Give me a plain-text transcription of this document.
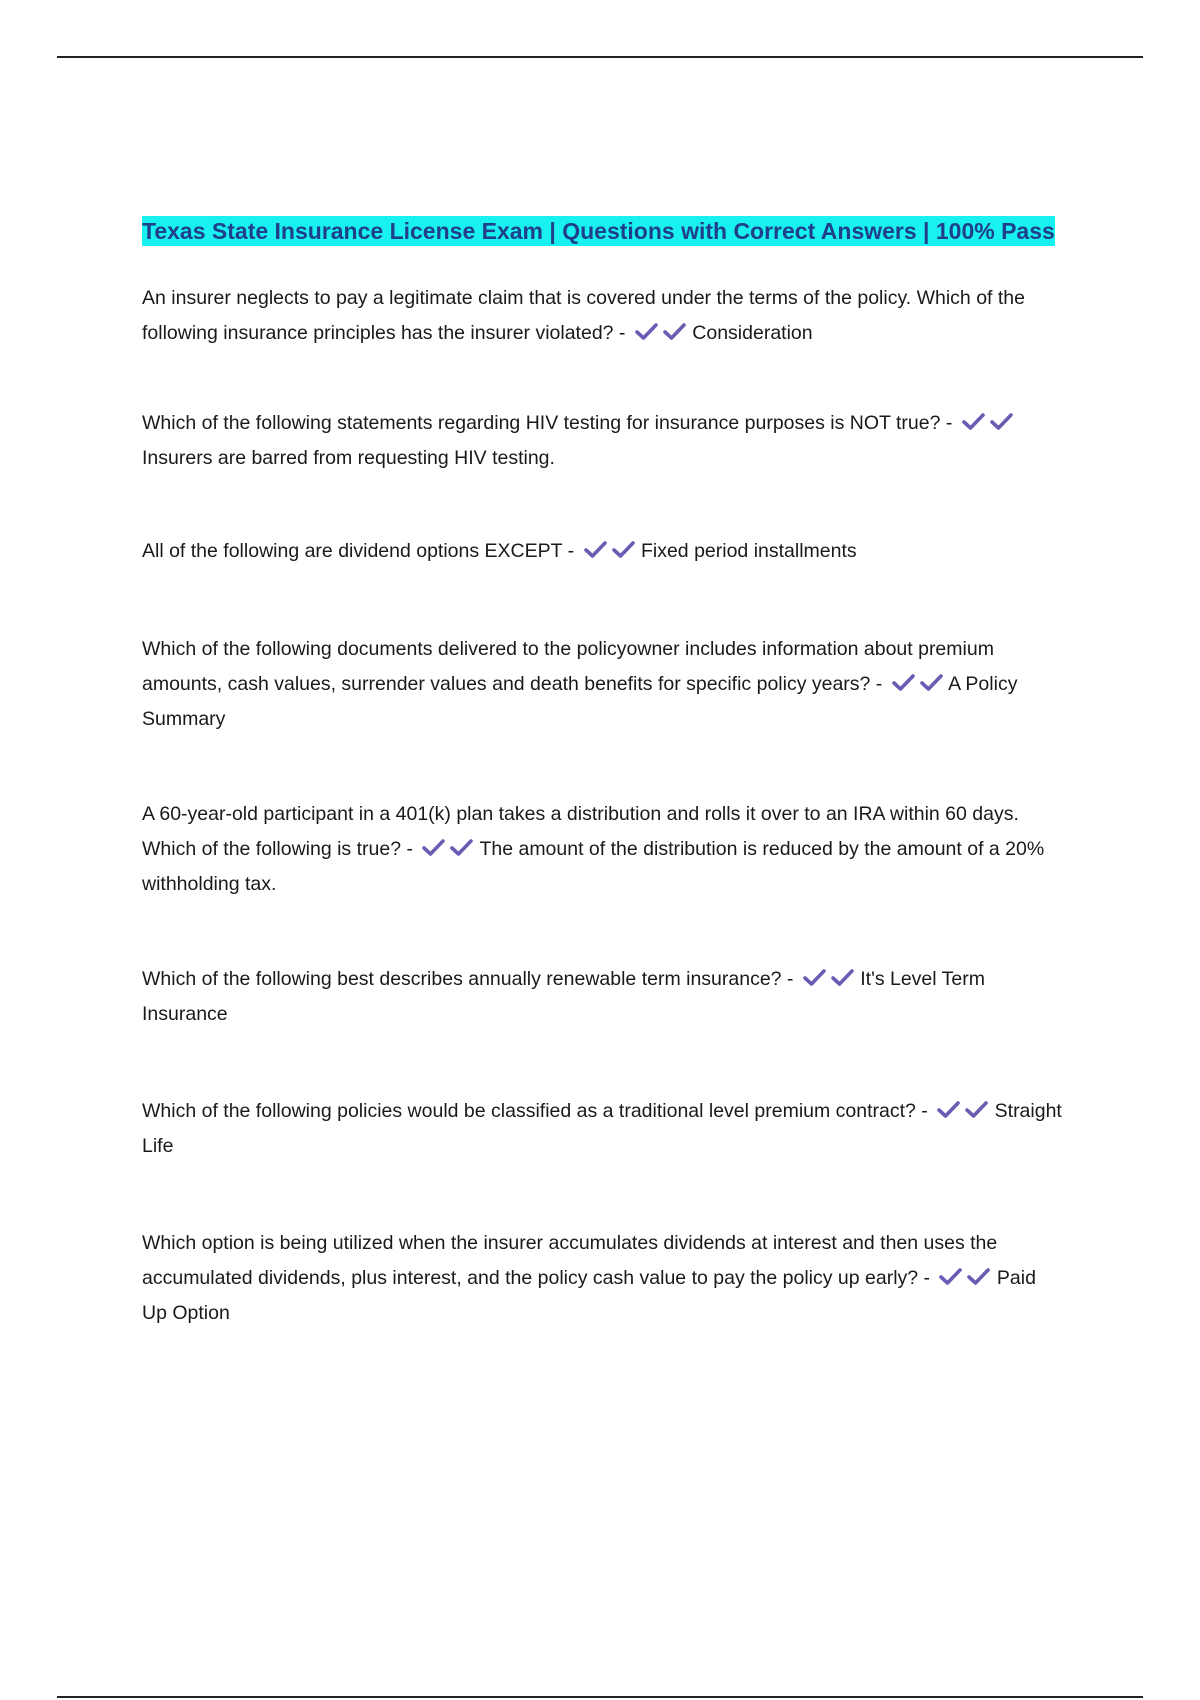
Texas State Insurance License Exam | Questions with Correct Answers | 100% Pass
An insurer neglects to pay a legitimate claim that is covered under the terms of the policy. Which of the following insurance principles has the insurer violated? -	Consideration
Which of the following statements regarding HIV testing for insurance purposes is NOT true? -
Insurers are barred from requesting HIV testing.
All of the following are dividend options EXCEPT -	Fixed period installments
Which of the following documents delivered to the policyowner includes information about premium amounts, cash values, surrender values and death benefits for specific policy years? -	A Policy Summary
A 60-year-old participant in a 401(k) plan takes a distribution and rolls it over to an IRA within 60 days. Which of the following is true? -	The amount of the distribution is reduced by the amount of a 20% withholding tax.
Which of the following best describes annually renewable term insurance? -	It's Level Term Insurance
Which of the following policies would be classified as a traditional level premium contract? -	Straight Life
Which option is being utilized when the insurer accumulates dividends at interest and then uses the accumulated dividends, plus interest, and the policy cash value to pay the policy up early? -	Paid Up Option
